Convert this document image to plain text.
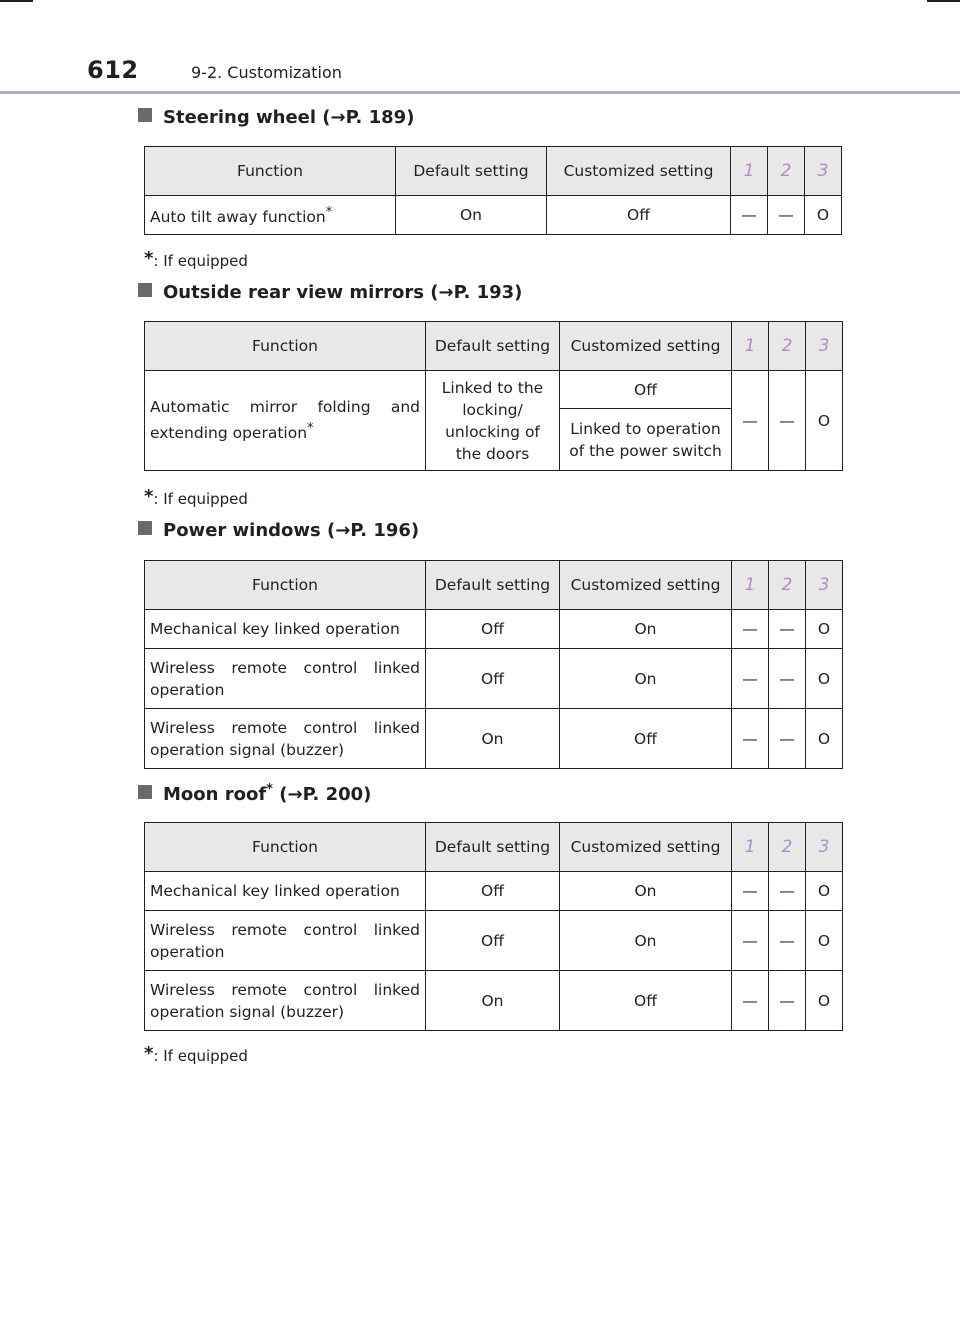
612	9-2. Customization
Steering wheel (→P. 189)
Function	Default setting	Customized setting	1	2	3
Auto tilt away function*	On	Off	—	—	O
*: If equipped
Outside rear view mirrors (→P. 193)
Function	Default setting	Customized setting	1	2	3
Automatic mirror folding and extending operation*	Linked to the locking/ unlocking of the doors	Off	—	—	O
		Linked to operation of the power switch			
*: If equipped
Power windows (→P. 196)
Function	Default setting	Customized setting	1	2	3
Mechanical key linked operation	Off	On	—	—	O
Wireless remote control linked operation	Off	On	—	—	O
Wireless remote control linked operation signal (buzzer)	On	Off	—	—	O
Moon roof* (→P. 200)
Function	Default setting	Customized setting	1	2	3
Mechanical key linked operation	Off	On	—	—	O
Wireless remote control linked operation	Off	On	—	—	O
Wireless remote control linked operation signal (buzzer)	On	Off	—	—	O
*: If equipped
